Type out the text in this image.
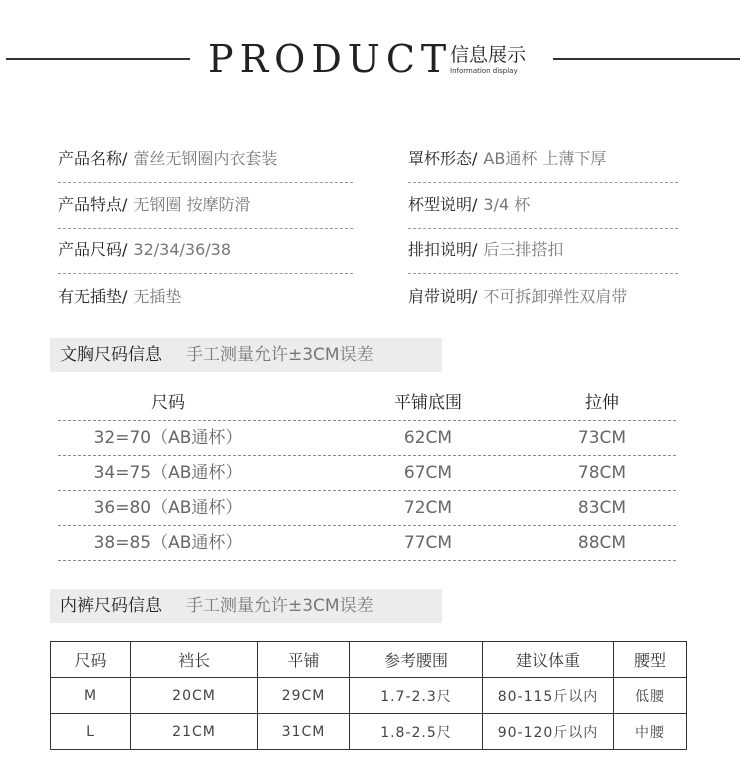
PRODUCT
信息展示
Information display
产品名称/ 蕾丝无钢圈内衣套装	罩杯形态/ AB通杯 上薄下厚
产品特点/ 无钢圈 按摩防滑	杯型说明/ 3/4 杯
产品尺码/ 32/34/36/38	排扣说明/ 后三排搭扣
有无插垫/ 无插垫	肩带说明/ 不可拆卸弹性双肩带
文胸尺码信息 手工测量允许±3CM误差
尺码	平铺底围	拉伸
32=70（AB通杯）	62CM	73CM
34=75（AB通杯）	67CM	78CM
36=80（AB通杯）	72CM	83CM
38=85（AB通杯）	77CM	88CM
内裤尺码信息 手工测量允许±3CM误差
尺码	裆长	平铺	参考腰围	建议体重	腰型
M	20CM	29CM	1.7-2.3尺	80-115斤以内	低腰
L	21CM	31CM	1.8-2.5尺	90-120斤以内	中腰
